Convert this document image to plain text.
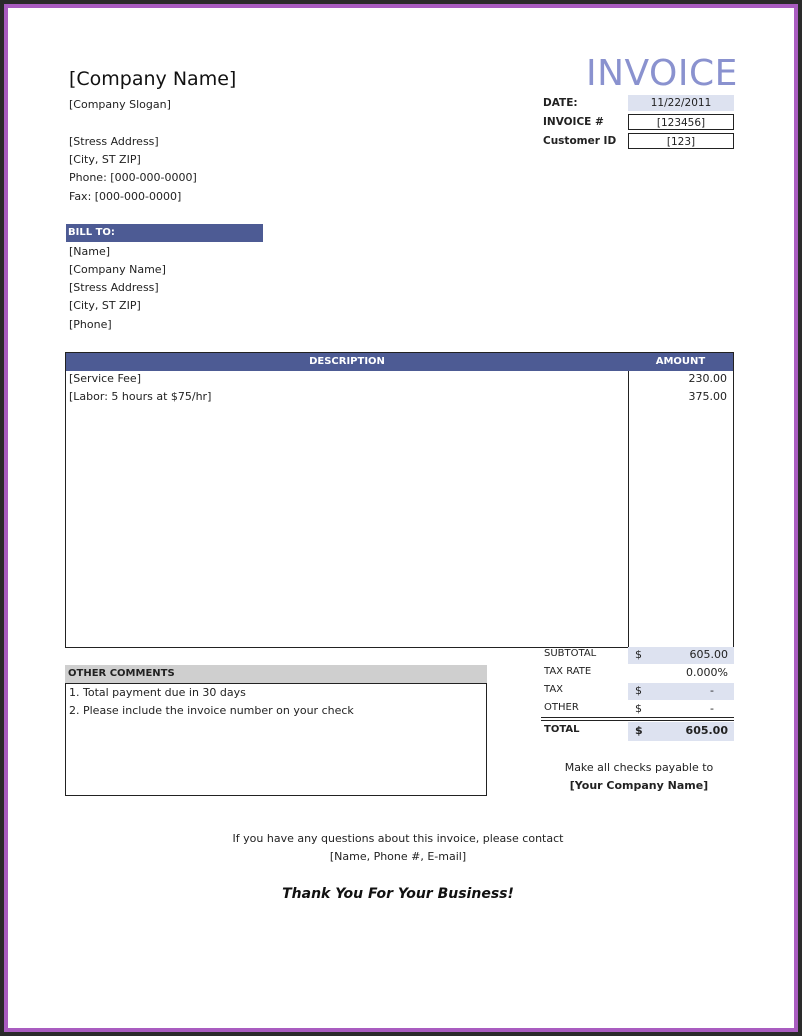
[Company Name]
[Company Slogan]
[Stress Address]
[City, ST ZIP]
Phone: [000-000-0000]
Fax: [000-000-0000]
INVOICE
DATE:	11/22/2011
INVOICE #	[123456]
Customer ID	[123]
BILL TO:
[Name]
[Company Name]
[Stress Address]
[City, ST ZIP]
[Phone]
DESCRIPTION	AMOUNT
[Service Fee]	230.00
[Labor: 5 hours at $75/hr]	375.00
OTHER COMMENTS
1. Total payment due in 30 days
2. Please include the invoice number on your check
SUBTOTAL	$	605.00
TAX RATE	0.000%
TAX	$	-
OTHER	$	-
TOTAL	$	605.00
Make all checks payable to
[Your Company Name]
If you have any questions about this invoice, please contact
[Name, Phone #, E-mail]
Thank You For Your Business!
